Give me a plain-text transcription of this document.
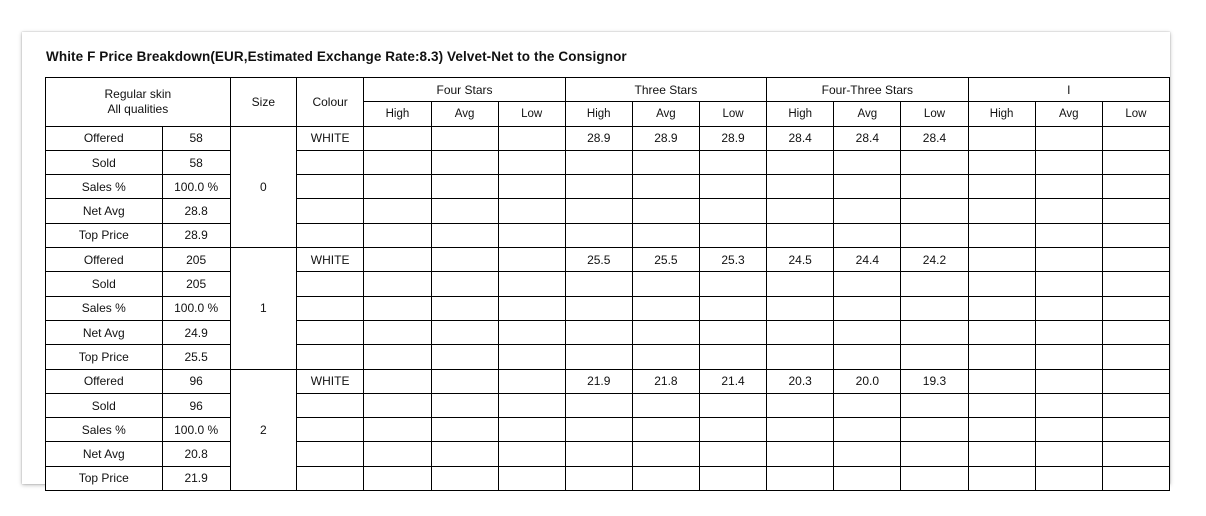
White F Price Breakdown(EUR,Estimated Exchange Rate:8.3) Velvet-Net to the Consignor
Regular skin
All qualities		Size	Colour	Four Stars			Three Stars			Four-Three Stars			I		
				High	Avg	Low	High	Avg	Low	High	Avg	Low	High	Avg	Low
Offered	58	0	WHITE				28.9	28.9	28.9	28.4	28.4	28.4			
Sold	58														
Sales %	100.0 %														
Net Avg	28.8														
Top Price	28.9														
Offered	205	1	WHITE				25.5	25.5	25.3	24.5	24.4	24.2			
Sold	205														
Sales %	100.0 %														
Net Avg	24.9														
Top Price	25.5														
Offered	96	2	WHITE				21.9	21.8	21.4	20.3	20.0	19.3			
Sold	96														
Sales %	100.0 %														
Net Avg	20.8														
Top Price	21.9														
